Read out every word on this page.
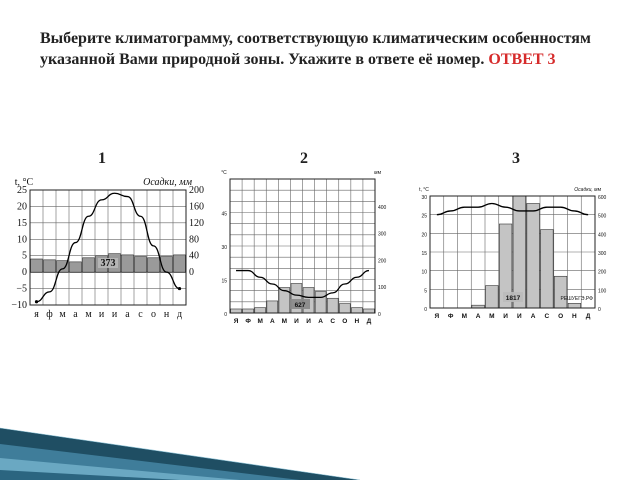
Выберите климатограмму, соответствующую климатическим особенностям указанной Вами природной зоны. Укажите в ответе её номер. ОТВЕТ 3
1	2	3
25
20
15
10
5
0
−5
−10
200
160
120
80
40
0
t, °С	Осадки, мм
я ф м а м и и а с о н д
373
45
30
15
0
400
300
200
100
0
°С	мм
Я Ф М А М И И А С О Н Д
627
30
25
20
15
10
5
0
600
500
400
300
200
100
0
t, °С	Осадки, мм
Я Ф М А М И И А С О Н Д
1817	РЕШУЕГЭ.РФ
